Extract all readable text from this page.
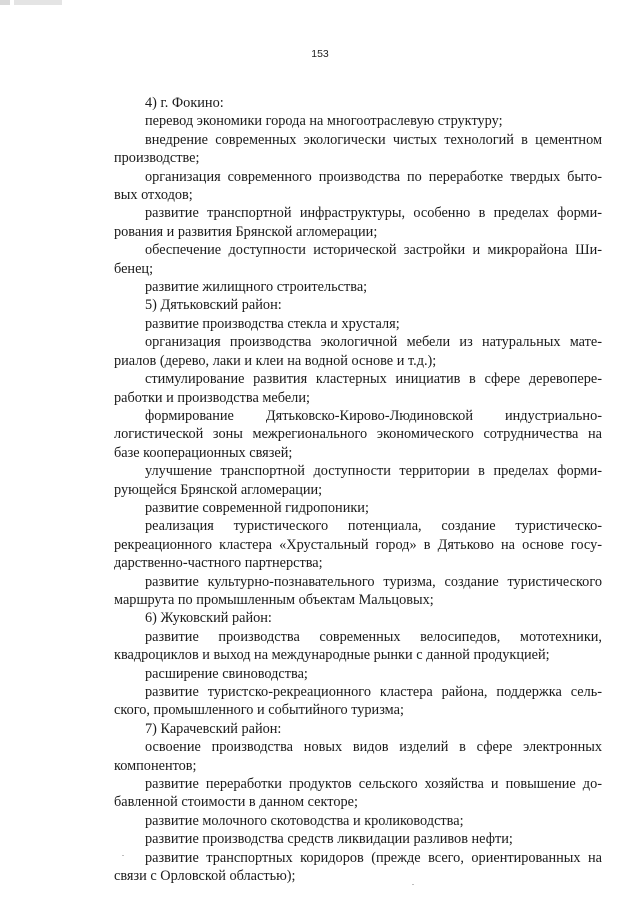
153

4) г. Фокино:

перевод экономики города на многоотраслевую структуру;

внедрение современных экологически чистых технологий в цементном
производстве;

организация современного производства по переработке твердых быто-
вых отходов;

развитие транспортной инфраструктуры, особенно в пределах форми-
рования и развития Брянской агломерации;

обеспечение доступности исторической застройки и микрорайона Ши-
бенец;

развитие жилищного строительства;

5) Дятьковский район:

развитие производства стекла и хрусталя;

организация производства экологичной мебели из натуральных мате-
риалов (дерево, лаки и клеи на водной основе и т.д.);

стимулирование развития кластерных инициатив в сфере деревопере-
работки и производства мебели;

формирование Дятьковско-Кирово-Людиновской индустриально-
логистической зоны межрегионального экономического сотрудничества на
базе кооперационных связей;

улучшение транспортной доступности территории в пределах форми-
рующейся Брянской агломерации;

развитие современной гидропоники;

реализация туристического потенциала, создание туристическо-
рекреационного кластера «Хрустальный город» в Дятьково на основе госу-
дарственно-частного партнерства;

развитие культурно-познавательного туризма, создание туристического
маршрута по промышленным объектам Мальцовых;

6) Жуковский район:

развитие производства современных велосипедов, мототехники,
квадроциклов и выход на международные рынки с данной продукцией;

расширение свиноводства;

развитие туристско-рекреационного кластера района, поддержка сель-
ского, промышленного и событийного туризма;

7) Карачевский район:

освоение производства новых видов изделий в сфере электронных
компонентов;

развитие переработки продуктов сельского хозяйства и повышение до-
бавленной стоимости в данном секторе;

развитие молочного скотоводства и кролиководства;

развитие производства средств ликвидации разливов нефти;

развитие транспортных коридоров (прежде всего, ориентированных на
связи с Орловской областью);
